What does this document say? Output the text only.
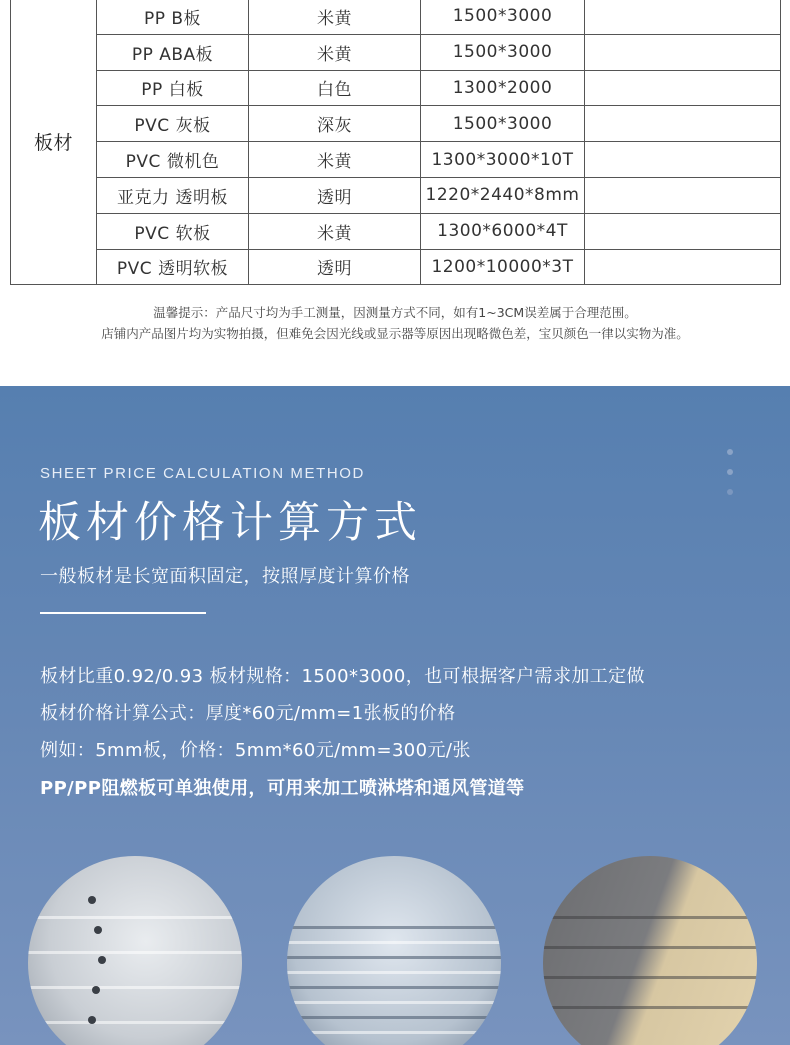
板材	PP B板	米黄	1500*3000	
	PP ABA板	米黄	1500*3000	
	PP 白板	白色	1300*2000	
	PVC 灰板	深灰	1500*3000	
	PVC 微机色	米黄	1300*3000*10T	
	亚克力 透明板	透明	1220*2440*8mm	
	PVC 软板	米黄	1300*6000*4T	
	PVC 透明软板	透明	1200*10000*3T	
温馨提示：产品尺寸均为手工测量，因测量方式不同，如有1~3CM误差属于合理范围。
店铺内产品图片均为实物拍摄，但难免会因光线或显示器等原因出现略微色差，宝贝颜色一律以实物为准。
SHEET PRICE CALCULATION METHOD
板材价格计算方式
一般板材是长宽面积固定，按照厚度计算价格
板材比重0.92/0.93 板材规格：1500*3000，也可根据客户需求加工定做
板材价格计算公式：厚度*60元/mm=1张板的价格
例如：5mm板，价格：5mm*60元/mm=300元/张
PP/PP阻燃板可单独使用，可用来加工喷淋塔和通风管道等
